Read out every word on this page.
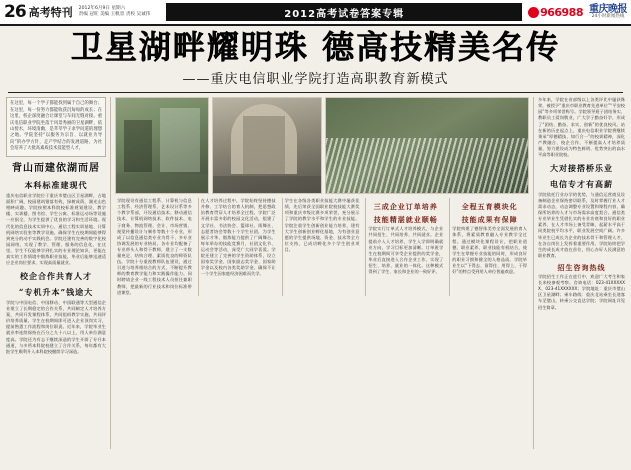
26 高考特刊 2012年6月9日 星期六
责编 冠旺 美编 王帆容 责校 吴诚伟	2012高考试卷答案专辑	966988 重庆晚报
24小时新闻热线
卫星湖畔耀明珠 德高技精美名传
——重庆电信职业学院打造高职教育新模式
在这里，每一个学子都能找到属于自己的舞台；在这里，每一份努力都能收获沉甸甸的成长；在这里，校企深度融合让课堂与车间无缝对接。重庆电信职业学院坐落于风景秀丽的卫星湖畔，依山傍水，环境清幽，是莘莘学子求学问道的理想之地。学院坚持“以服务为宗旨、以就业为导向”的办学方针，走产学结合的发展道路，为社会培养了大批高素质技术技能型人才。
背山而建依湖而居
本科标准建现代
重庆电信职业学院位于重庆市璧山区卫星湖畔，占地面积广阔，校园建筑错落有致，绿树成荫，湖光山色相映成趣。学院按照本科院校标准规划建设，教学楼、实训楼、图书馆、学生公寓、标准运动场等设施一应俱全，为学生提供了优良的学习和生活环境。现代化的信息技术实训中心、通信工程实训基地、计算机网络实验室等教学设施，确保学生在校期间能够得到充分的动手实践机会。学院还建有完善的数字化校园网络，实现了教学、管理、服务的信息化。在这里，学生不仅能够学到扎实的专业理论知识，更能在真实的工作情境中锻炼职业技能，毕业后能够迅速适应企业岗位要求，实现高质量就业。
校企合作共育人才
“专机升本”钱途大
学院与中国电信、中国移动、中国联通等大型通信企业建立了长期稳定的合作关系，共同制定人才培养方案，共同开发课程体系，共同组织教学实施，共同评价培养质量。学生在校期间即可进入企业顶岗实习，提前熟悉工作流程和岗位职责。近年来，学院毕业生就业率连续保持在百分之九十八以上，用人单位满意度高。学院还为有志于继续深造的学生开辟了专升本通道，与多所本科院校建立了合作关系，每年都有大批学生顺利升入本科院校继续学习深造。
学院现设有通信工程系、计算机与信息工程系、经济管理系、艺术设计系等多个教学系部，开设通信技术、移动通信技术、计算机网络技术、软件技术、电子商务、物流管理、会计、市场营销、视觉传播设计与制作等数十个专业，形成了以信息通信类专业为骨干、多专业协调发展的专业格局。各专业均配备了专业带头人和骨干教师，建立了一支数量充足、结构合理、素质优良的师资队伍。学院十分重视教师队伍建设，通过引进与培养相结合的方式，不断提升教师的教育教学能力和实践操作能力。同时聘请企业一线工程技术人员担任兼职教师，把最新的行业技术和岗位标准带进课堂。
在人才培养过程中，学院始终坚持德技并修、工学结合的育人机制，把思想政治教育贯穿人才培养全过程。学院广泛开展丰富多彩的校园文化活动，组建了文学社、书法协会、篮球社、街舞社、志愿者协会等数十个学生社团，为学生展示才华、锻炼能力提供了广阔舞台。每年举办的技能竞赛月、社团文化节、运动会等活动，深受广大同学喜爱。学院还建立了完善的学生资助体系，设立国家奖学金、国家励志奖学金、国家助学金以及校内各类奖助学金，确保不让一个学生因家庭经济困难而失学。
学生在各级各类职业技能大赛中屡获佳绩，先后荣获全国职业院校技能大赛奖项和重庆市级比赛多项荣誉，充分展示了学院的教学水平和学生的专业技能。学院注重学生创新创业能力培养，建有大学生创新创业孵化基地，为有创业意愿的学生提供场地、资金、技术等全方位支持，已成功孵化多个学生创业项目。
三成企业订单培养
技能精湛就业顺畅
学院实行订单式人才培养模式，与企业共同招生、共同培养、共同就业。企业提前介入人才培养，学生入学即明确就业方向，学习目标更加清晰。订单班学生在校期间可享受企业提供的奖学金，毕业后直接进入合作企业工作，实现了招生、培养、就业的一体化。这种模式得到了学生、家长和企业的一致好评。
全程五育模块化
技能成果有保障
学院构建了德智体美劳全面发展的育人体系，将素质教育融入专业教学全过程。通过模块化课程设计，把职业道德、职业素养、职业技能有机结合，使学生在掌握专业技能的同时，形成良好的职业习惯和健全的人格品质。学院毕业生以“下得去、留得住、用得上、干得好”的特点受到用人单位普遍欢迎。
多年来，学院在省部级以上各类评比中屡获殊荣，被授予“重庆市职业教育先进单位”“平安校园”等多项荣誉称号。学院领导班子团结务实，教职员工爱岗敬业，广大学子勤奋好学，形成了“团结、勤奋、求实、创新”的优良校风。站在新的历史起点上，重庆电信职业学院将继续秉承“厚德精技、知行合一”的校训精神，深化产教融合、校企合作，不断提高人才培养质量，努力建设成为特色鲜明、优势突出的高水平高等职业院校。
大对接搭桥乐业
电信专才有高薪
学院依托行业办学的优势，与通信运营商及设备制造企业保持密切联系，及时掌握行业人才需求动态，动态调整专业设置和课程内容，确保所培养的人才与市场需求高度契合。通信类专业毕业生凭借扎实的专业功底和良好的职业素养，在人才市场上备受青睐，起薪水平高于同类院校平均水平，职业发展空间广阔。许多毕业生已成长为企业的技术骨干和管理人才，在各自岗位上发挥着重要作用。学院始终把学生的成长成才放在首位，用心办好人民满意的职业教育。
招生咨询热线
学院招生工作正在进行中，欢迎广大考生和家长来校参观考察。咨询电话：023-41XXXXXX、023-41XXXXXX；学院地址：重庆市璧山区卫星湖畔；乘车路线：重庆北站乘坐长途客车至璧山，转乘公交直达学院；学院网址详见招生简章。
